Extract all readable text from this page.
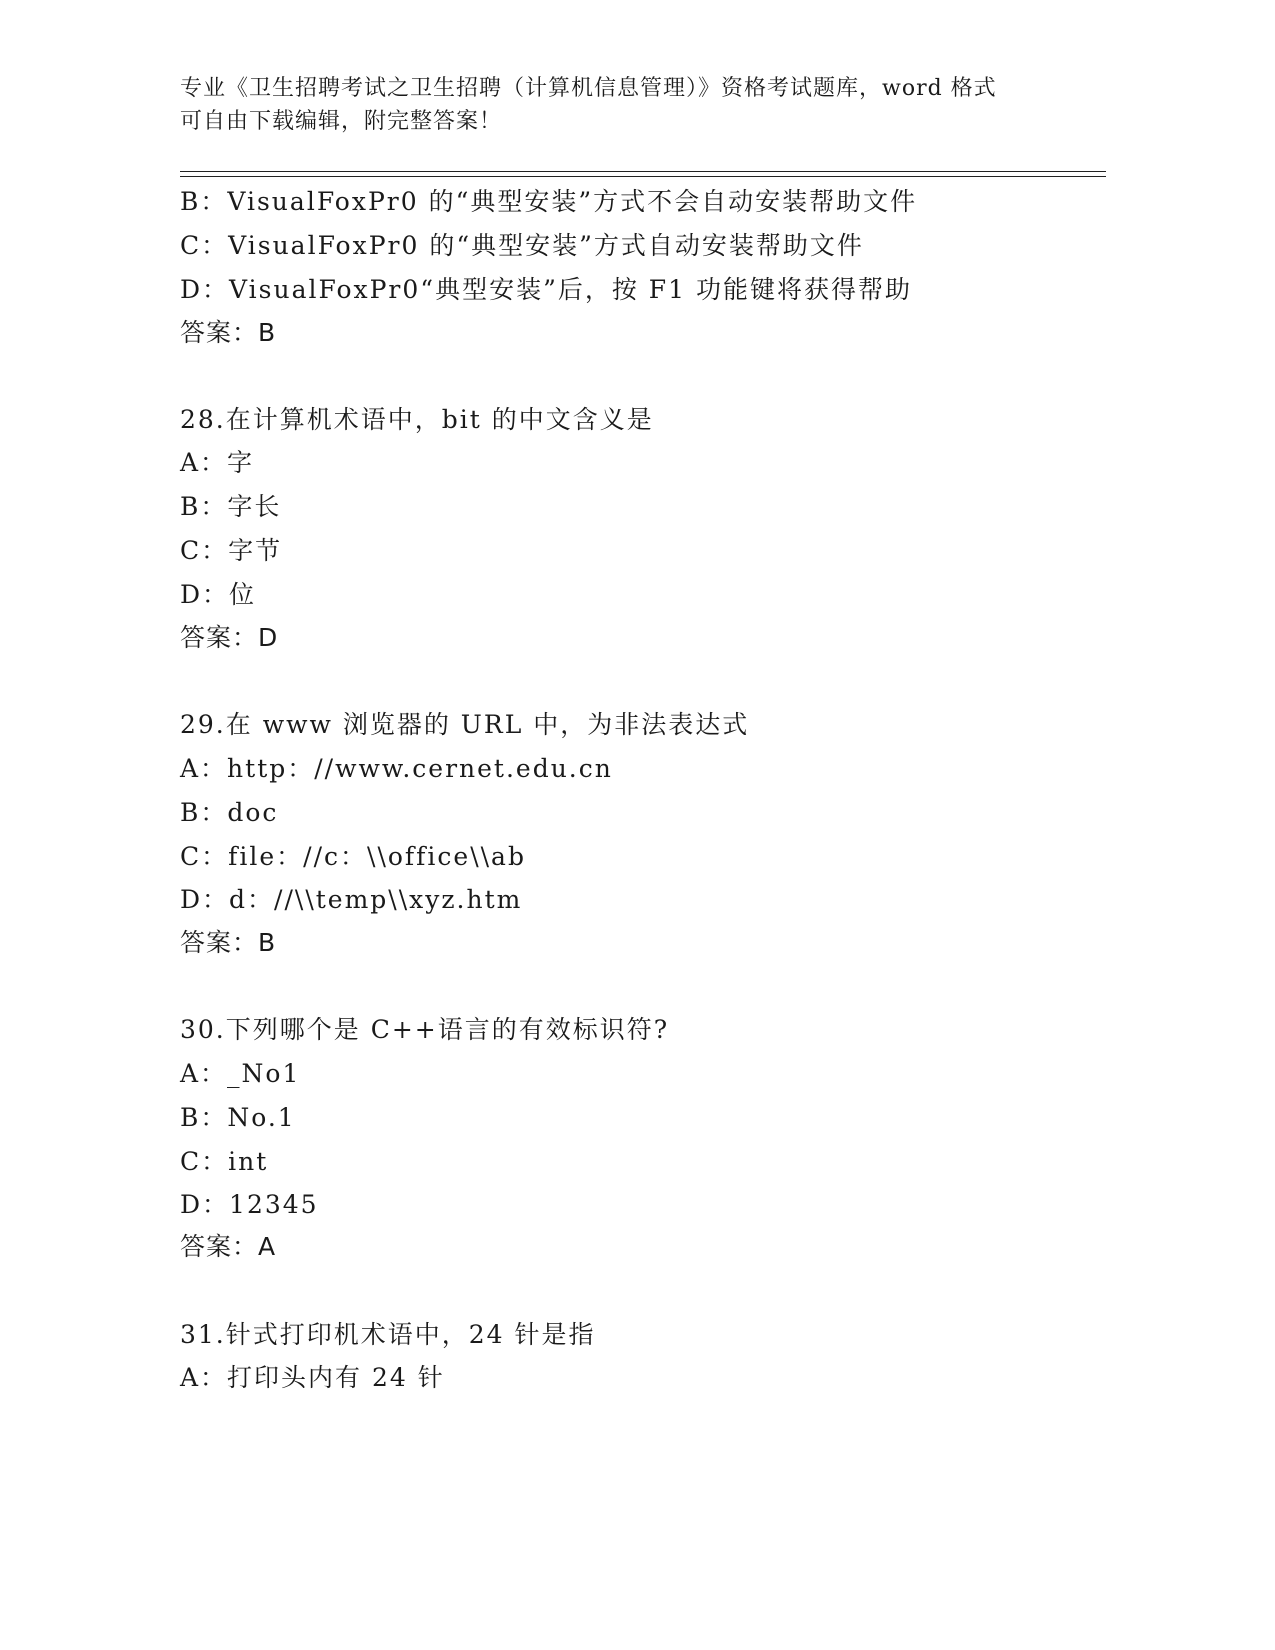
专业《卫生招聘考试之卫生招聘（计算机信息管理）》资格考试题库，word 格式
可自由下载编辑，附完整答案！
B：VisualFoxPr0 的“典型安装”方式不会自动安装帮助文件
C：VisualFoxPr0 的“典型安装”方式自动安装帮助文件
D：VisualFoxPr0“典型安装”后，按 F1 功能键将获得帮助
答案：B
28.在计算机术语中，bit 的中文含义是
A：字
B：字长
C：字节
D：位
答案：D
29.在 www 浏览器的 URL 中，为非法表达式
A：http：//www.cernet.edu.cn
B：doc
C：file：//c：\\office\\ab
D：d：//\\temp\\xyz.htm
答案：B
30.下列哪个是 C++语言的有效标识符?
A：_No1
B：No.1
C：int
D：12345
答案：A
31.针式打印机术语中，24 针是指
A：打印头内有 24 针
